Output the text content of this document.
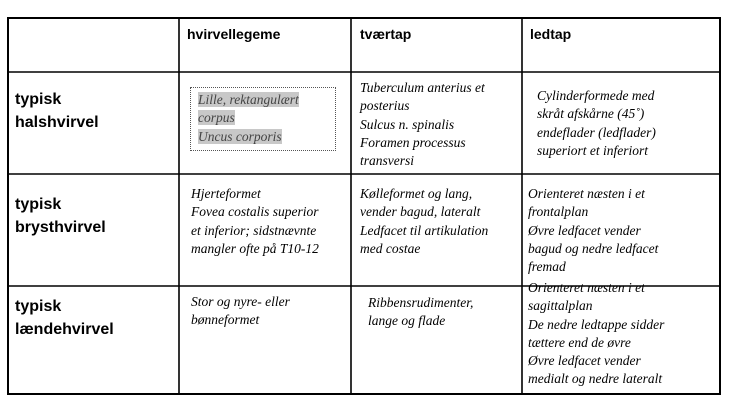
hvirvellegeme	tværtap	ledtap
typisk
halshvirvel
Lille, rektangulært
corpus
Uncus corporis
Tuberculum anterius et
posterius
Sulcus n. spinalis
Foramen processus
transversi
Cylinderformede med
skråt afskårne (45˚)
endeflader (ledflader)
superiort et inferiort
typisk
brysthvirvel
Hjerteformet
Fovea costalis superior
et inferior; sidstnævnte
mangler ofte på T10-12
Kølleformet og lang,
vender bagud, lateralt
Ledfacet til artikulation
med costae
Orienteret næsten i et
frontalplan
Øvre ledfacet vender
bagud og nedre ledfacet
fremad
typisk
lændehvirvel
Stor og nyre- eller
bønneformet
Ribbensrudimenter,
lange og flade
Orienteret næsten i et
sagittalplan
De nedre ledtappe sidder
tættere end de øvre
Øvre ledfacet vender
medialt og nedre lateralt
